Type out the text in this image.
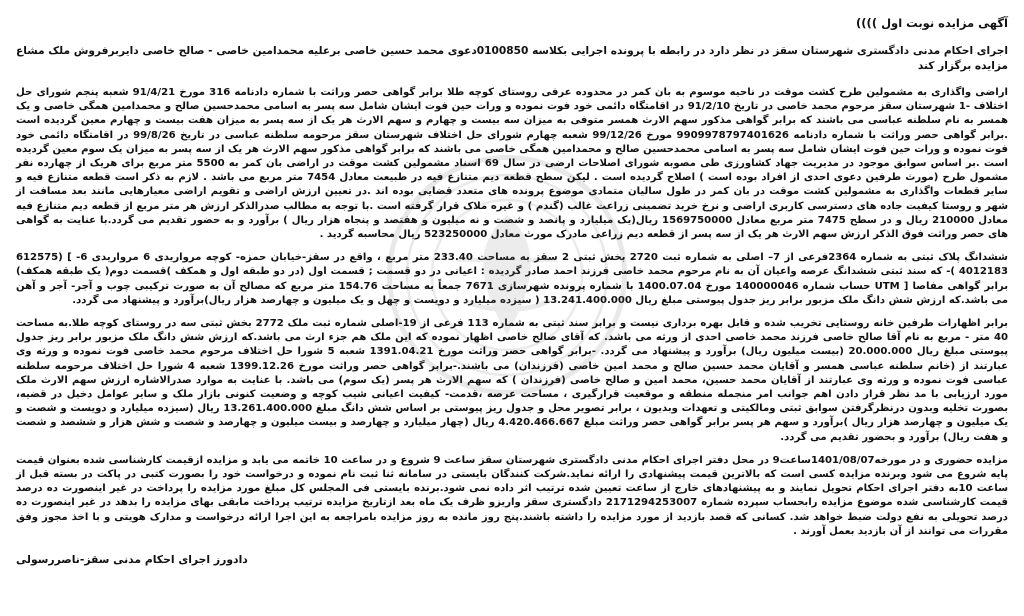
آگهی مزایده نوبت اول ))))
اجرای احکام مدنی دادگستری شهرستان سقز در نظر دارد در رابطه با پرونده اجرایی بکلاسه 0100850دعوی محمد حسین خاصی برعلیه محمدامین خاصی - صالح خاصی دایربرفروش ملک مشاع مزایده برگزار کند
اراضی واگذاری به مشمولین طرح کشت موقت در ناحیه موسوم به بان کمر در محدوده عرفی روستای کوچه طلا برابر گواهی حصر وراثت با شماره دادنامه 316 مورخ 91/4/21 شعبه پنجم شورای حل اختلاف -1 شهرستان سقز مرحوم محمد خاصی در تاریخ 91/2/10 در اقامتگاه دائمی خود فوت نموده و ورات حین فوت ایشان شامل سه پسر به اسامی محمدحسین صالح و محمدامین همگی خاصی و یک همسر به نام سلطنه عباسی می باشند که برابر گواهی مذکور سهم الارث همسر متوفی به میزان سه بیست و چهارم و سهم الارث هر یک از سه پسر به میزان هفت بیست و چهارم معین گردیده است .برابر گواهی حصر وراثت با شماره دادنامه 9909978797401626 مورخ 99/12/26 شعبه چهارم شورای حل اختلاف شهرستان سقز مرحومه سلطنه عباسی در تاریخ 99/8/26 در اقامتگاه دائمی خود فوت نموده و ورات حین فوت ایشان شامل سه پسر به اسامی محمدحسین صالح و محمدامین همگی خاصی می باشند که برابر گواهی مذکور سهم الارث هر یک از سه پسر به میزان یک سوم معین گردیده است .بر اساس سوابق موجود در مدیریت جهاد کشاورزی طی مصوبه شورای اصلاحات ارضی در سال 69 اسناد مشمولین کشت موقت در اراضی بان کمر به 5500 متر مربع برای هریک از چهارده نفر مشمول طرح (مورث طرفین دعوی احدی از افراد بوده است ) اصلاح گردیده است . لیکن سطح قطعه دیم متنازع فیه در طبیعت معادل 7454 متر مربع می باشد . لازم به ذکر است قطعه متنازع فیه و سایر قطعات واگذاری به مشمولین کشت موقت در بان کمر در طول سالیان متمادی موضوع پرونده های متعدد قضایی بوده اند .در تعیین ارزش اراضی و تقویم اراضی معیارهایی مانند بعد مسافت از شهر و روستا کیفیت جاده های دسترسی کاربری اراضی و نرخ خرید تضمینی زراعت غالب (گندم ) و غیره ملاک قرار گرفته است .با توجه به مطالب صدرالذکر ارزش هر متر مربع از قطعه دیم متنازع فیه معادل 210000 ریال و در سطح 7475 متر مربع معادل 1569750000 ریال(یک میلیارد و پانصد و شصت و نه میلیون و هفتصد و پنجاه هزار ریال ) برآورد و به حضور تقدیم می گردد.با عنایت به گواهی های حصر وراثت فوق الذکر ارزش سهم الارث هر یک از سه پسر از قطعه دیم زراعی مادرک مورث معادل 523250000 ریال محاسبه گردید .
ششدانگ پلاک ثبتی به شماره 2364فرعی از 7– اصلی به شماره ثبت 2720 بخش ثبتی 2 سقز به مساحت 233.40 متر مربع ، واقع در سقز-خیابان حمزه- کوچه مرواریدی 6 مرواریدی 6- ] (612575 4012183 )- که سند ثبتی ششدانگ عرصه واعیان آن به نام مرحوم محمد خاصی فرزند احمد صادر گردیده : اعیانی در دو قسمت ; قسمت اول (در دو طبقه اول و همکف )قسمت دوم( یک طبقه همکف) برابر گواهی مفاصا [ UTM حساب شماره 140000046 مورخ 1400.07.04 با شماره پرونده شهرسازی 7671 جمعاً به مساحت 154.76 متر مربع که مصالح آن به صورت ترکیبی چوب و آجر- آجر و آهن می باشد.که ارزش شش دانگ ملک مزبور برابر ریز جدول پیوستی مبلغ ریال 13.241.400.000 ( سیزده میلیارد و دویست و چهل و یک میلیون و چهارصد هزار ریال)برآورد و پیشنهاد می گردد.
برابر اظهارات طرفین خانه روستایی تخریب شده و قابل بهره برداری نیست و برابر سند ثبتی به شماره 113 فرعی از 19-اصلی شماره ثبت ملک 2772 بخش ثبتی سه در روستای کوچه طلا.به مساحت 40 متر - مربع به نام آقا صالح خاصی فرزند محمد خاصی احدی از ورثه می باشد. که آقای صالح خاصی اظهار نموده که این ملک هم جزء ارث می باشد.که ارزش شش دانگ ملک مزبور برابر ریز جدول پیوستی مبلغ ریال 20.000.000 (بیست میلیون ریال) برآورد و پیشنهاد می گردد. -برابر گواهی حصر وراثت مورخ 1391.04.21 شعبه 5 شورا حل اختلاف مرحوم محمد خاصی فوت نموده و ورثه وی عبارتند از (خانم سلطنه عباسی همسر و آقایان محمد حسین صالح و محمد امین خاصی (فرزندان) می باشند.-برابر گواهی حصر وراثت مورخ 1399.12.26 شعبه 4 شورا حل اختلاف مرحومه سلطنه عباسی فوت نموده و ورثه وی عبارتند از آقایان محمد حسین، محمد امین و صالح خاصی (فرزندان ) که سهم الارث هر پسر (یک سوم) می باشد. با عنایت به موارد صدرالاشاره ارزش سهم الارث ملک مورد ارزیابی با مد نظر قرار دادن اهم جوانب امر منجمله منطقه و موقعیت قرارگیری ، مساحت عرصه ،قدمت- کیفیت اعیانی شیب کوچه و وضعیت کنونی بازار ملک و سایر عوامل دخیل در قضیه، بصورت تخلیه وبدون درنظرگرفتن سوابق ثبتی ومالکیتی و تعهدات وبدیون ، برابر تصویر محل و جدول ریز پیوستی بر اساس شش دانگ مبلغ 13.261.400.000 ریال (سیزده میلیارد و دویست و شصت و یک میلیون و چهارصد هزار ریال )برآورد و سهم هر پسر برابر گواهی حصر وراثت مبلغ 4.420.466.667 ریال (چهار میلیارد و چهارصد و بیست میلیون و چهارصد و شصت و شش هزار و ششصد و شصت و هفت ریال) برآورد و بحضور تقدیم می گردد.
مزایده حضوری و در مورخه1401/08/07ساعت9 در محل دفتر اجرای احکام مدنی دادگستری شهرستان سقز ساعت 9 شروع و در ساعت 10 خاتمه می یابد و مزایده ازقیمت کارشناسی شده بعنوان قیمت پایه شروع می شود وبرنده مزایده کسی است که بالاترین قیمت پیشنهادی را ارائه نماید.شرکت کنندگان بایستی در سامانه ثنا ثبت نام نموده و درخواست خود را بصورت کتبی در پاکت در بسته قبل از ساعت 10به دفتر اجرای احکام تحویل نمایند و به پیشنهادهای خارج از ساعت تعیین شده ترتیب اثر داده نمی شود.برنده بایستی فی المجلس کل مبلغ مورد مزایده را پرداخت در غیر اینصورت ده درصد قیمت کارشناسی شده موضوع مزایده رابحساب سپرده شماره 2171294253007 دادگستری سقز واریزو ظرف یک ماه بعد ازتاریخ مزایده ترتیب پرداخت مابقی بهای مزایده را بدهد در غیر اینصورت ده درصد تحویلی به نفع دولت ضبط خواهد شد. کسانی که قصد بازدید از مورد مزایده را داشته باشند.پنج روز مانده به روز مزایده بامراجعه به این اجرا ارائه درخواست و مدارک هویتی و با اخذ مجوز وفق مقررات می توانند از آن بازدید بعمل آورند .
دادورز اجرای احکام مدنی سقز-ناصررسولی
